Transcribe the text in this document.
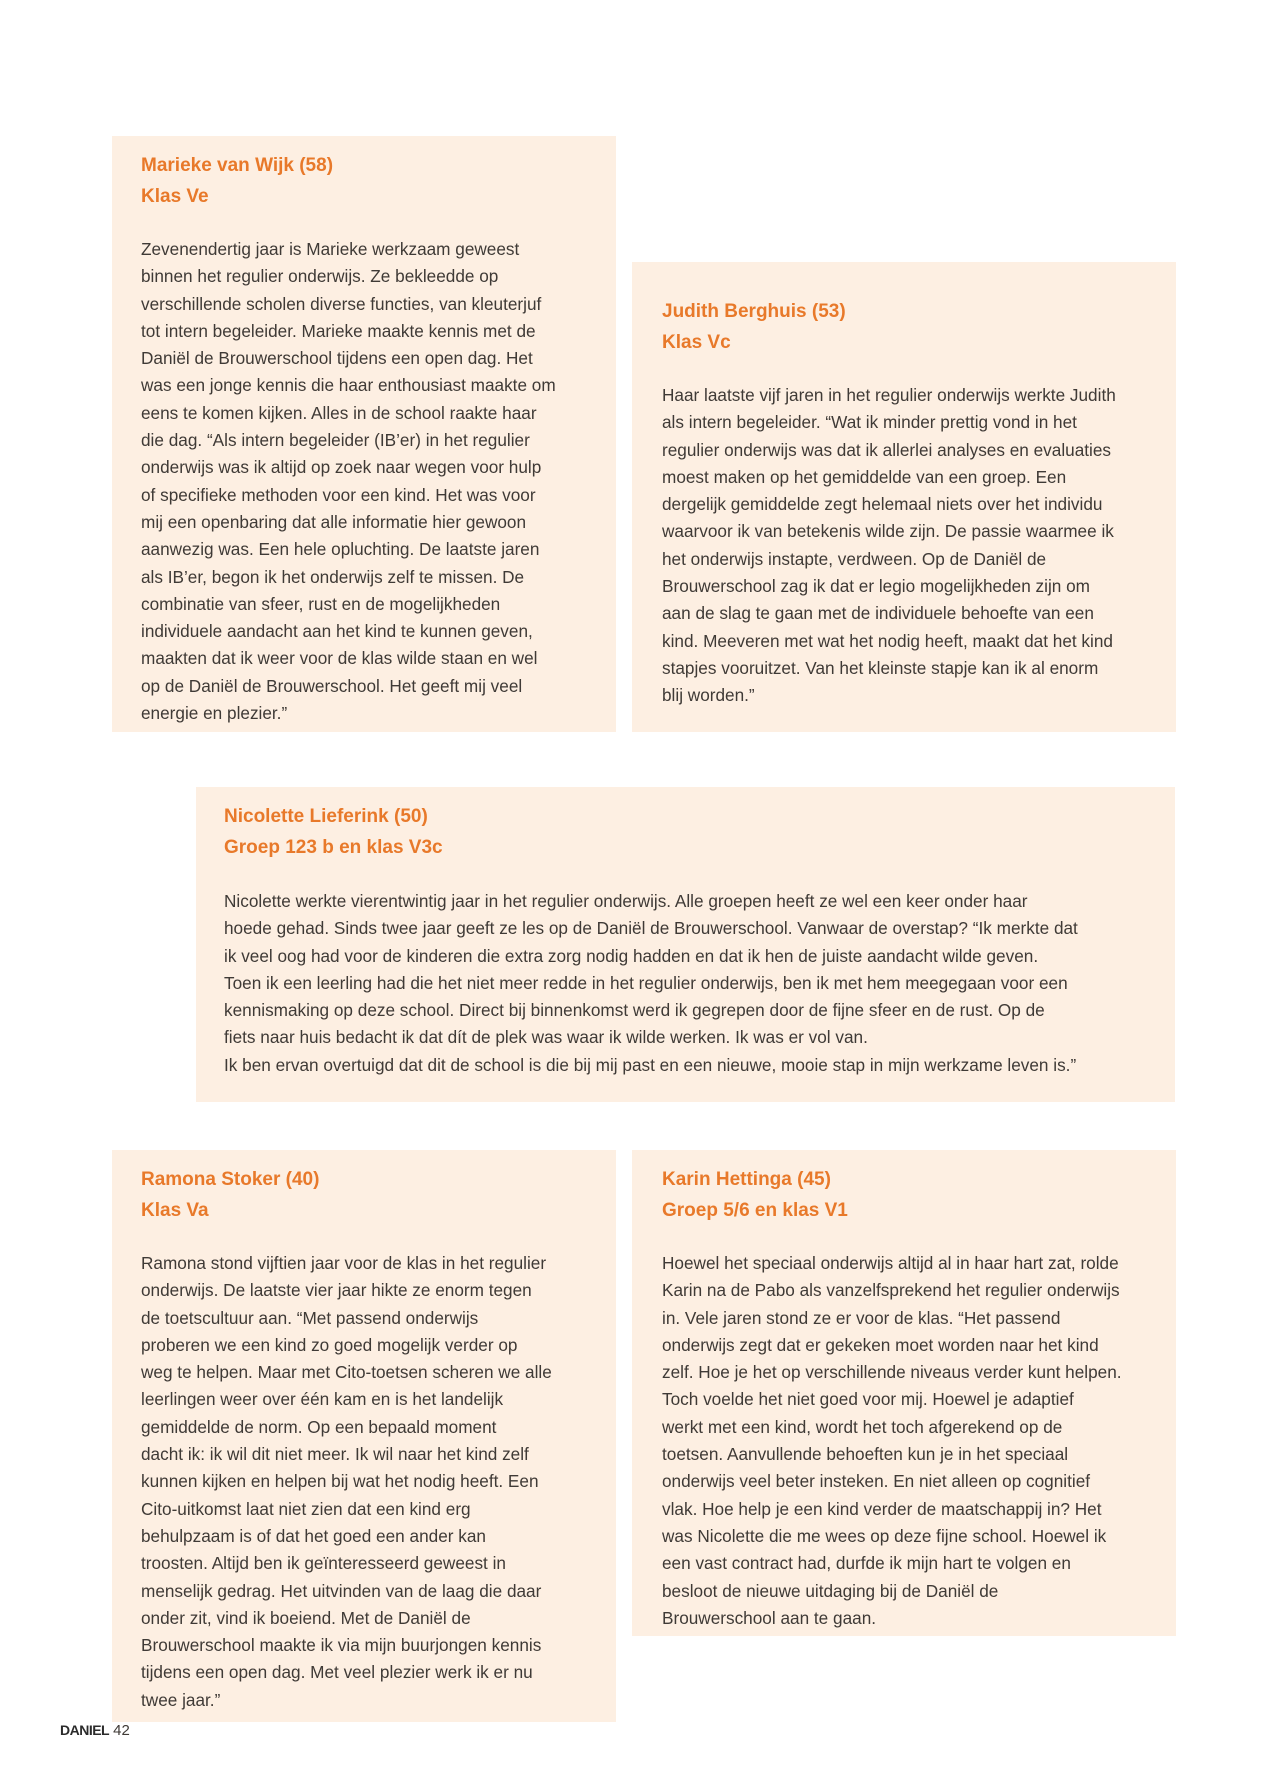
Marieke van Wijk (58)
Klas Ve

Zevenendertig jaar is Marieke werkzaam geweest
binnen het regulier onderwijs. Ze bekleedde op
verschillende scholen diverse functies, van kleuterjuf
tot intern begeleider. Marieke maakte kennis met de
Daniël de Brouwerschool tijdens een open dag. Het
was een jonge kennis die haar enthousiast maakte om
eens te komen kijken. Alles in de school raakte haar
die dag. “Als intern begeleider (IB’er) in het regulier
onderwijs was ik altijd op zoek naar wegen voor hulp
of specifieke methoden voor een kind. Het was voor
mij een openbaring dat alle informatie hier gewoon
aanwezig was. Een hele opluchting. De laatste jaren
als IB’er, begon ik het onderwijs zelf te missen. De
combinatie van sfeer, rust en de mogelijkheden
individuele aandacht aan het kind te kunnen geven,
maakten dat ik weer voor de klas wilde staan en wel
op de Daniël de Brouwerschool. Het geeft mij veel
energie en plezier.”

Judith Berghuis (53)
Klas Vc

Haar laatste vijf jaren in het regulier onderwijs werkte Judith
als intern begeleider. “Wat ik minder prettig vond in het
regulier onderwijs was dat ik allerlei analyses en evaluaties
moest maken op het gemiddelde van een groep. Een
dergelijk gemiddelde zegt helemaal niets over het individu
waarvoor ik van betekenis wilde zijn. De passie waarmee ik
het onderwijs instapte, verdween. Op de Daniël de
Brouwerschool zag ik dat er legio mogelijkheden zijn om
aan de slag te gaan met de individuele behoefte van een
kind. Meeveren met wat het nodig heeft, maakt dat het kind
stapjes vooruitzet. Van het kleinste stapje kan ik al enorm
blij worden.”

Nicolette Lieferink (50)
Groep 123 b en klas V3c

Nicolette werkte vierentwintig jaar in het regulier onderwijs. Alle groepen heeft ze wel een keer onder haar
hoede gehad. Sinds twee jaar geeft ze les op de Daniël de Brouwerschool. Vanwaar de overstap? “Ik merkte dat
ik veel oog had voor de kinderen die extra zorg nodig hadden en dat ik hen de juiste aandacht wilde geven.
Toen ik een leerling had die het niet meer redde in het regulier onderwijs, ben ik met hem meegegaan voor een
kennismaking op deze school. Direct bij binnenkomst werd ik gegrepen door de fijne sfeer en de rust. Op de
fiets naar huis bedacht ik dat dít de plek was waar ik wilde werken. Ik was er vol van.
Ik ben ervan overtuigd dat dit de school is die bij mij past en een nieuwe, mooie stap in mijn werkzame leven is.”

Ramona Stoker (40)
Klas Va

Ramona stond vijftien jaar voor de klas in het regulier
onderwijs. De laatste vier jaar hikte ze enorm tegen
de toetscultuur aan. “Met passend onderwijs
proberen we een kind zo goed mogelijk verder op
weg te helpen. Maar met Cito-toetsen scheren we alle
leerlingen weer over één kam en is het landelijk
gemiddelde de norm. Op een bepaald moment
dacht ik: ik wil dit niet meer. Ik wil naar het kind zelf
kunnen kijken en helpen bij wat het nodig heeft. Een
Cito-uitkomst laat niet zien dat een kind erg
behulpzaam is of dat het goed een ander kan
troosten. Altijd ben ik geïnteresseerd geweest in
menselijk gedrag. Het uitvinden van de laag die daar
onder zit, vind ik boeiend. Met de Daniël de
Brouwerschool maakte ik via mijn buurjongen kennis
tijdens een open dag. Met veel plezier werk ik er nu
twee jaar.”

Karin Hettinga (45)
Groep 5/6 en klas V1

Hoewel het speciaal onderwijs altijd al in haar hart zat, rolde
Karin na de Pabo als vanzelfsprekend het regulier onderwijs
in. Vele jaren stond ze er voor de klas. “Het passend
onderwijs zegt dat er gekeken moet worden naar het kind
zelf. Hoe je het op verschillende niveaus verder kunt helpen.
Toch voelde het niet goed voor mij. Hoewel je adaptief
werkt met een kind, wordt het toch afgerekend op de
toetsen. Aanvullende behoeften kun je in het speciaal
onderwijs veel beter insteken. En niet alleen op cognitief
vlak. Hoe help je een kind verder de maatschappij in? Het
was Nicolette die me wees op deze fijne school. Hoewel ik
een vast contract had, durfde ik mijn hart te volgen en
besloot de nieuwe uitdaging bij de Daniël de
Brouwerschool aan te gaan.

DANIEL 42
